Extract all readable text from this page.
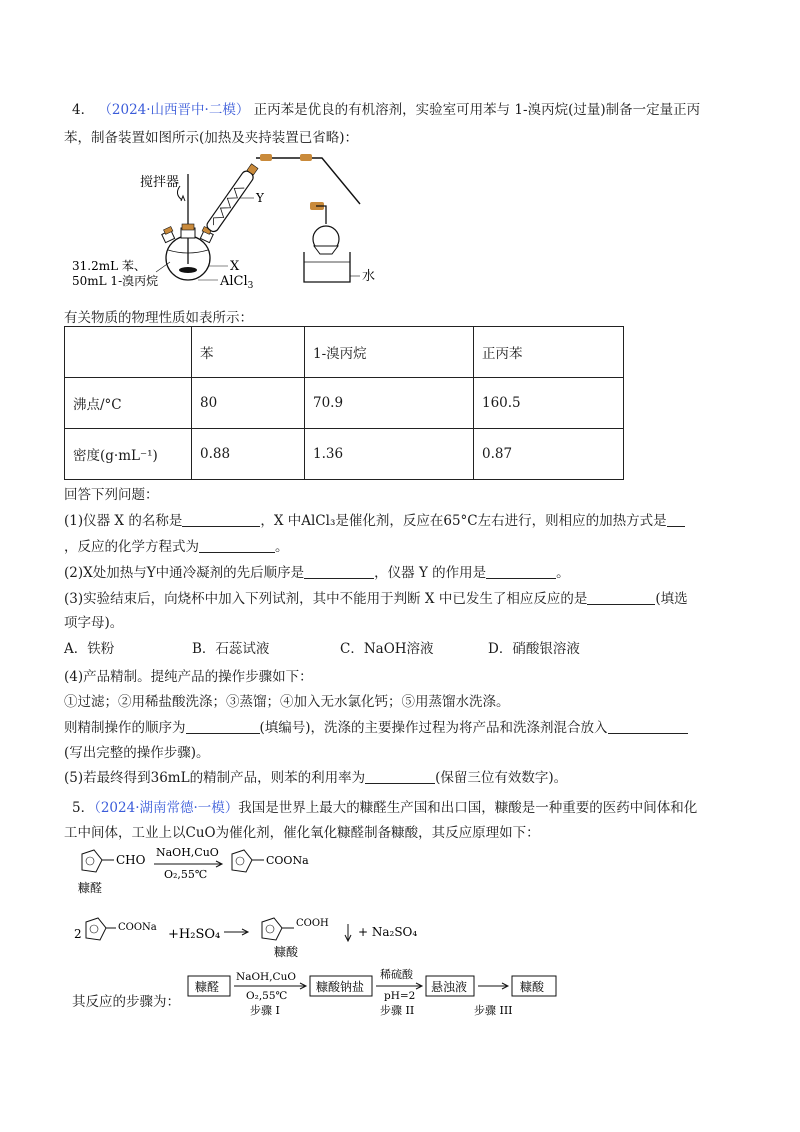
4． （2024·山西晋中·二模） 正丙苯是优良的有机溶剂，实验室可用苯与 1-溴丙烷(过量)制备一定量正丙
苯，制备装置如图所示(加热及夹持装置已省略)：
搅拌器
Y
水
X
AlCl$_3$
31.2mL 苯、
50mL 1-溴丙烷
有关物质的物理性质如表所示：
	苯	1-溴丙烷	正丙苯
沸点/°C	80	70.9	160.5
密度(g·mL⁻¹)	0.88	1.36	0.87
回答下列问题：
(1)仪器 X 的名称是	，X 中AlCl₃是催化剂，反应在65°C左右进行，则相应的加热方式是
，反应的化学方程式为	。
(2)X处加热与Y中通冷凝剂的先后顺序是	，仪器 Y 的作用是	。
(3)实验结束后，向烧杯中加入下列试剂，其中不能用于判断 X 中已发生了相应反应的是	(填选
项字母)。
A．铁粉	B．石蕊试液	C．NaOH溶液	D．硝酸银溶液
(4)产品精制。提纯产品的操作步骤如下：
①过滤；②用稀盐酸洗涤；③蒸馏；④加入无水氯化钙；⑤用蒸馏水洗涤。
则精制操作的顺序为	(填编号)，洗涤的主要操作过程为将产品和洗涤剂混合放入
(写出完整的操作步骤)。
(5)若最终得到36mL的精制产品，则苯的利用率为	(保留三位有效数字)。
5．（2024·湖南常德·一模）我国是世界上最大的糠醛生产国和出口国，糠酸是一种重要的医药中间体和化
工中间体，工业上以CuO为催化剂，催化氧化糠醛制备糠酸，其反应原理如下：
CHO
NaOH,CuO
O₂,55℃
COONa
糠醛
2	COONa +H₂SO₄
COOH
+ Na₂SO₄
糠酸
其反应的步骤为：
糠醛
NaOH,CuO
O₂,55℃
步骤 I
糠酸钠盐
稀硫酸
pH=2
步骤 II
悬浊液
步骤 III
糠酸
